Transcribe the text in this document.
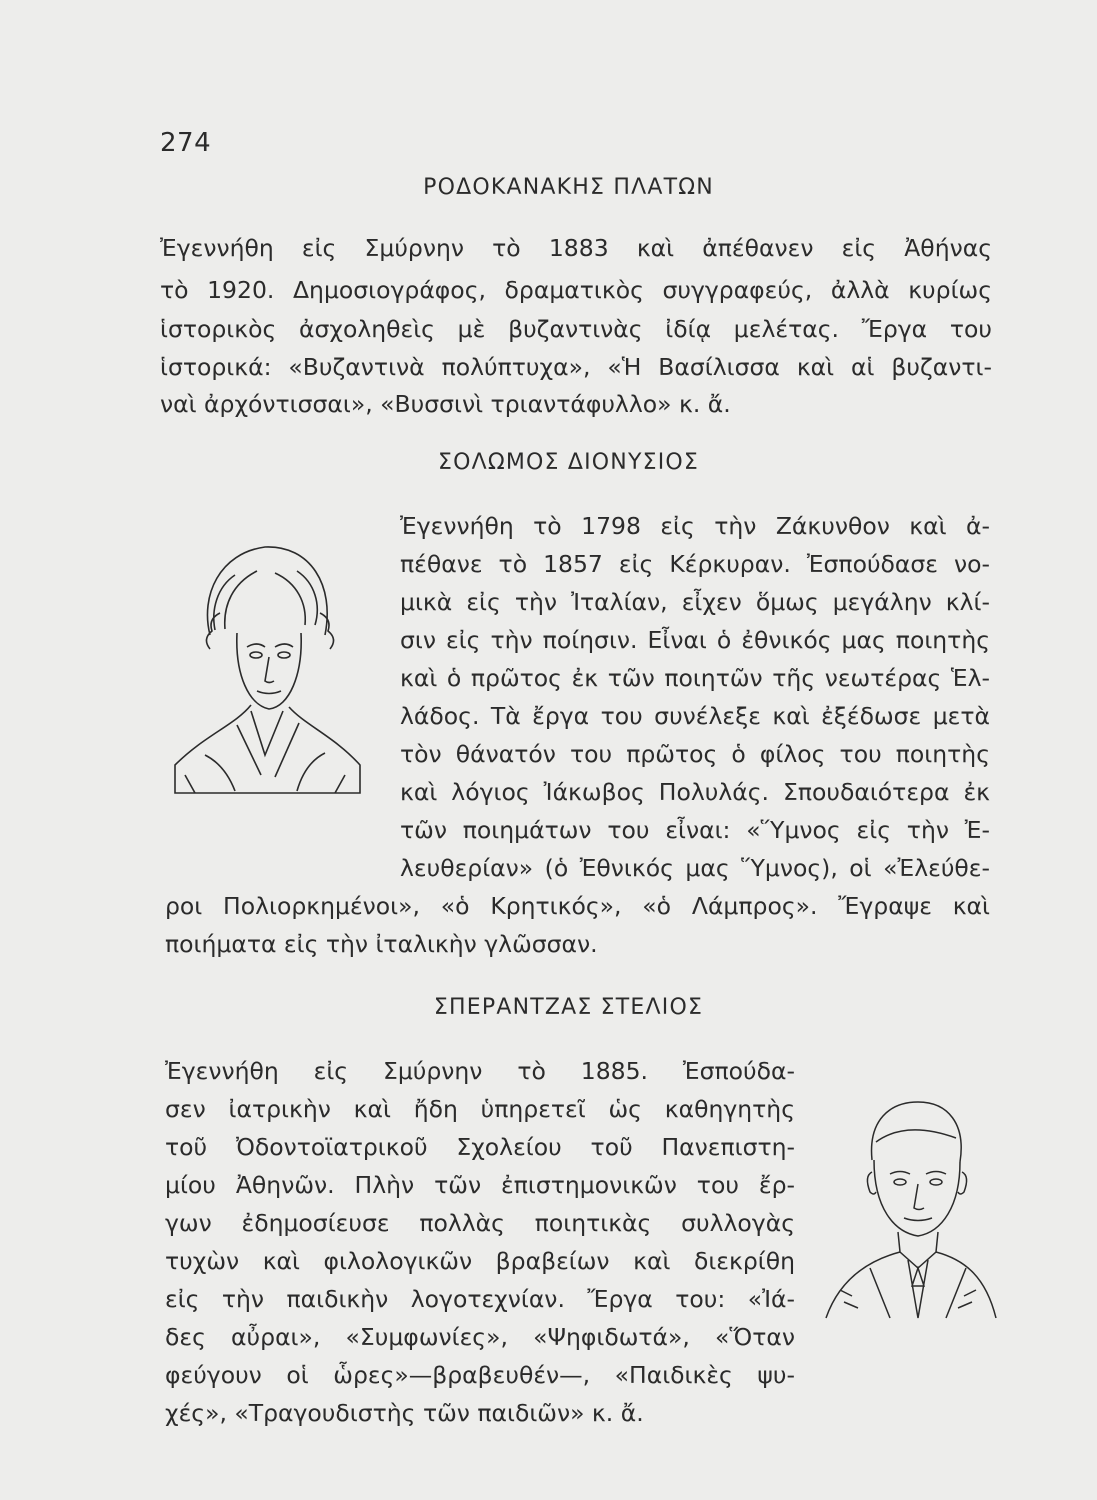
274
ΡΟΔΟΚΑΝΑΚΗΣ ΠΛΑΤΩΝ
Ἐγεννήθη εἰς Σμύρνην τὸ 1883 καὶ ἀπέθανεν εἰς Ἀθήνας
τὸ 1920. Δημοσιογράφος, δραματικὸς συγγραφεύς, ἀλλὰ κυρίως
ἱστορικὸς ἀσχοληθεὶς μὲ βυζαντινὰς ἰδίᾳ μελέτας. Ἔργα του
ἱστορικά: «Βυζαντινὰ πολύπτυχα», «Ἡ Βασίλισσα καὶ αἱ βυζαντι-
ναὶ ἀρχόντισσαι», «Βυσσινὶ τριαντάφυλλο» κ. ἄ.
ΣΟΛΩΜΟΣ ΔΙΟΝΥΣΙΟΣ
Ἐγεννήθη τὸ 1798 εἰς τὴν Ζάκυνθον καὶ ἀ-
πέθανε τὸ 1857 εἰς Κέρκυραν. Ἐσπούδασε νο-
μικὰ εἰς τὴν Ἰταλίαν, εἶχεν ὅμως μεγάλην κλί-
σιν εἰς τὴν ποίησιν. Εἶναι ὁ ἐθνικός μας ποιητὴς
καὶ ὁ πρῶτος ἐκ τῶν ποιητῶν τῆς νεωτέρας Ἑλ-
λάδος. Τὰ ἔργα του συνέλεξε καὶ ἐξέδωσε μετὰ
τὸν θάνατόν του πρῶτος ὁ φίλος του ποιητὴς
καὶ λόγιος Ἰάκωβος Πολυλάς. Σπουδαιότερα ἐκ
τῶν ποιημάτων του εἶναι: «Ὕμνος εἰς τὴν Ἐ-
λευθερίαν» (ὁ Ἐθνικός μας Ὕμνος), οἱ «Ἐλεύθε-
ροι Πολιορκημένοι», «ὁ Κρητικός», «ὁ Λάμπρος». Ἔγραψε καὶ
ποιήματα εἰς τὴν ἰταλικὴν γλῶσσαν.
ΣΠΕΡΑΝΤΖΑΣ ΣΤΕΛΙΟΣ
Ἐγεννήθη εἰς Σμύρνην τὸ 1885. Ἐσπούδα-
σεν ἰατρικὴν καὶ ἤδη ὑπηρετεῖ ὡς καθηγητὴς
τοῦ Ὀδοντοϊατρικοῦ Σχολείου τοῦ Πανεπιστη-
μίου Ἀθηνῶν. Πλὴν τῶν ἐπιστημονικῶν του ἔρ-
γων ἐδημοσίευσε πολλὰς ποιητικὰς συλλογὰς
τυχὼν καὶ φιλολογικῶν βραβείων καὶ διεκρίθη
εἰς τὴν παιδικὴν λογοτεχνίαν. Ἔργα του: «Ἰά-
δες αὖραι», «Συμφωνίες», «Ψηφιδωτά», «Ὅταν
φεύγουν οἱ ὧρες»—βραβευθέν—, «Παιδικὲς ψυ-
χές», «Τραγουδιστὴς τῶν παιδιῶν» κ. ἄ.
